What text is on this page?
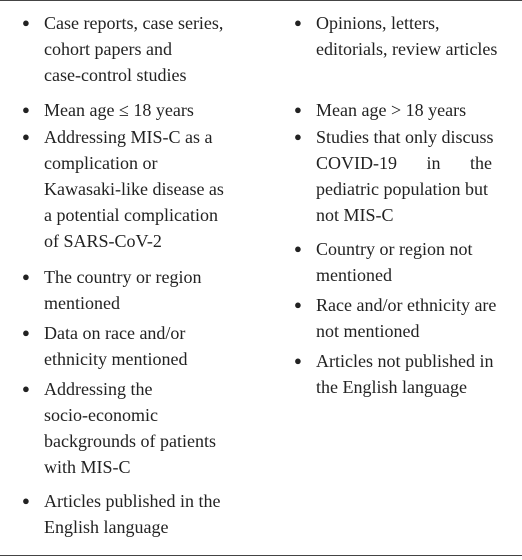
● Case reports, case series,
cohort papers and
case-control studies
● Mean age ≤ 18 years
● Addressing MIS-C as a
complication or
Kawasaki-like disease as
a potential complication
of SARS-CoV-2
● The country or region
mentioned
● Data on race and/or
ethnicity mentioned
● Addressing the
socio-economic
backgrounds of patients
with MIS-C
● Articles published in the
English language
● Opinions, letters,
editorials, review articles
● Mean age > 18 years
● Studies that only discuss
COVID-19 in the
pediatric population but
not MIS-C
● Country or region not
mentioned
● Race and/or ethnicity are
not mentioned
● Articles not published in
the English language
